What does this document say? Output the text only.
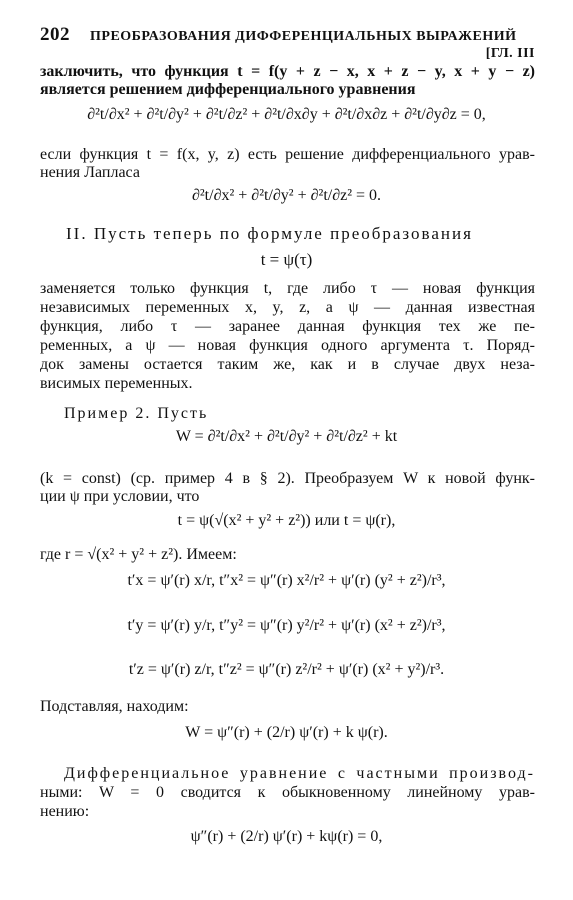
202 ПРЕОБРАЗОВАНИЯ ДИФФЕРЕНЦИАЛЬНЫХ ВЫРАЖЕНИЙ
[ГЛ. III
заключить, что функция t = f(y + z − x, x + z − y, x + y − z)
является решением дифференциального уравнения
∂²t/∂x² + ∂²t/∂y² + ∂²t/∂z² + ∂²t/∂x∂y + ∂²t/∂x∂z + ∂²t/∂y∂z = 0,
если функция t = f(x, y, z) есть решение дифференциального урав-
нения Лапласа
∂²t/∂x² + ∂²t/∂y² + ∂²t/∂z² = 0.
II. Пусть теперь по формуле преобразования
t = ψ(τ)
заменяется только функция t, где либо τ — новая функция
независимых переменных x, y, z, а ψ — данная известная
функция, либо τ — заранее данная функция тех же пе-
ременных, а ψ — новая функция одного аргумента τ. Поряд-
док замены остается таким же, как и в случае двух неза-
висимых переменных.
Пример 2. Пусть
W = ∂²t/∂x² + ∂²t/∂y² + ∂²t/∂z² + kt
(k = const) (ср. пример 4 в § 2). Преобразуем W к новой функ-
ции ψ при условии, что
t = ψ(√(x² + y² + z²)) или t = ψ(r),
где r = √(x² + y² + z²). Имеем:
t′x = ψ′(r) x/r, t″x² = ψ″(r) x²/r² + ψ′(r) (y² + z²)/r³,
t′y = ψ′(r) y/r, t″y² = ψ″(r) y²/r² + ψ′(r) (x² + z²)/r³,
t′z = ψ′(r) z/r, t″z² = ψ″(r) z²/r² + ψ′(r) (x² + y²)/r³.
Подставляя, находим:
W = ψ″(r) + (2/r) ψ′(r) + k ψ(r).
Дифференциальное уравнение с частными производ-
ными: W = 0 сводится к обыкновенному линейному урав-
нению:
ψ″(r) + (2/r) ψ′(r) + kψ(r) = 0,
